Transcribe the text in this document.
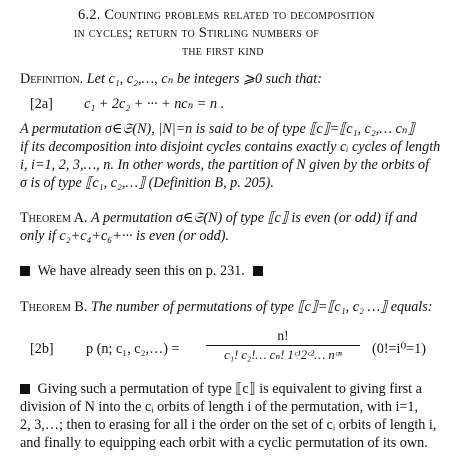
6.2. Counting problems related to decomposition
in cycles; return to Stirling numbers of
the first kind
Definition. Let c₁, c₂,…, cₙ be integers ⩾0 such that:
[2a] c₁ + 2c₂ + ··· + ncₙ = n .
A permutation σ∈𝔖(N), |N|=n is said to be of type ⟦c⟧=⟦c₁, c₂,… cₙ⟧
if its decomposition into disjoint cycles contains exactly cᵢ cycles of length
i, i=1, 2, 3,…, n. In other words, the partition of N given by the orbits of
σ is of type ⟦c₁, c₂,…⟧ (Definition B, p. 205).
Theorem A. A permutation σ∈𝔖(N) of type ⟦c⟧ is even (or odd) if and
only if c₂+c₄+c₆+··· is even (or odd).
We have already seen this on p. 231.
Theorem B. The number of permutations of type ⟦c⟧=⟦c₁, c₂ …⟧ equals:
[2b] p (n; c₁, c₂,…) =
n!
c₁! c₂!… cₙ! 1ᶜ¹2ᶜ²… nᶜⁿ	(0!=i⁰=1)
Giving such a permutation of type ⟦c⟧ is equivalent to giving first a
division of N into the cᵢ orbits of length i of the permutation, with i=1,
2, 3,…; then to erasing for all i the order on the set of cᵢ orbits of length i,
and finally to equipping each orbit with a cyclic permutation of its own.
